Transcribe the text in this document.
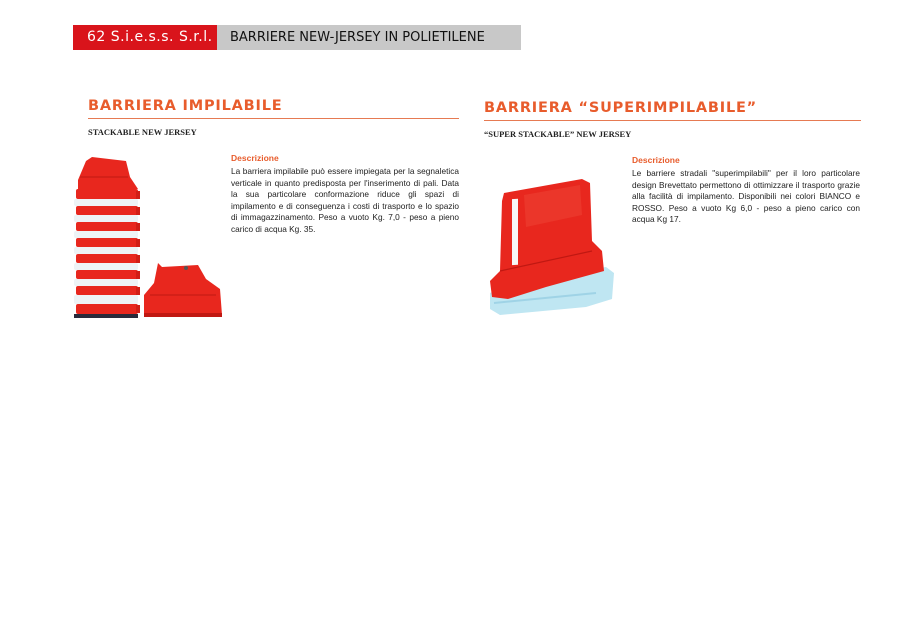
62 S.i.e.s.s. S.r.l.	BARRIERE NEW-JERSEY IN POLIETILENE
BARRIERA IMPILABILE
STACKABLE NEW JERSEY
Descrizione
La barriera impilabile può essere impiegata per la segnaletica verticale in quanto predisposta per l'inserimento di pali. Data la sua particolare conformazione riduce gli spazi di impilamento e di conseguenza i costi di trasporto e lo spazio di immagazzinamento. Peso a vuoto Kg. 7,0 - peso a pieno carico di acqua Kg. 35.
BARRIERA “SUPERIMPILABILE”
“SUPER STACKABLE” NEW JERSEY
Descrizione
Le barriere stradali "superimpilabili" per il loro particolare design Brevettato permettono di ottimizzare il trasporto grazie alla facilità di impilamento. Disponibili nei colori BIANCO e ROSSO. Peso a vuoto Kg 6,0 - peso a pieno carico con acqua Kg 17.
